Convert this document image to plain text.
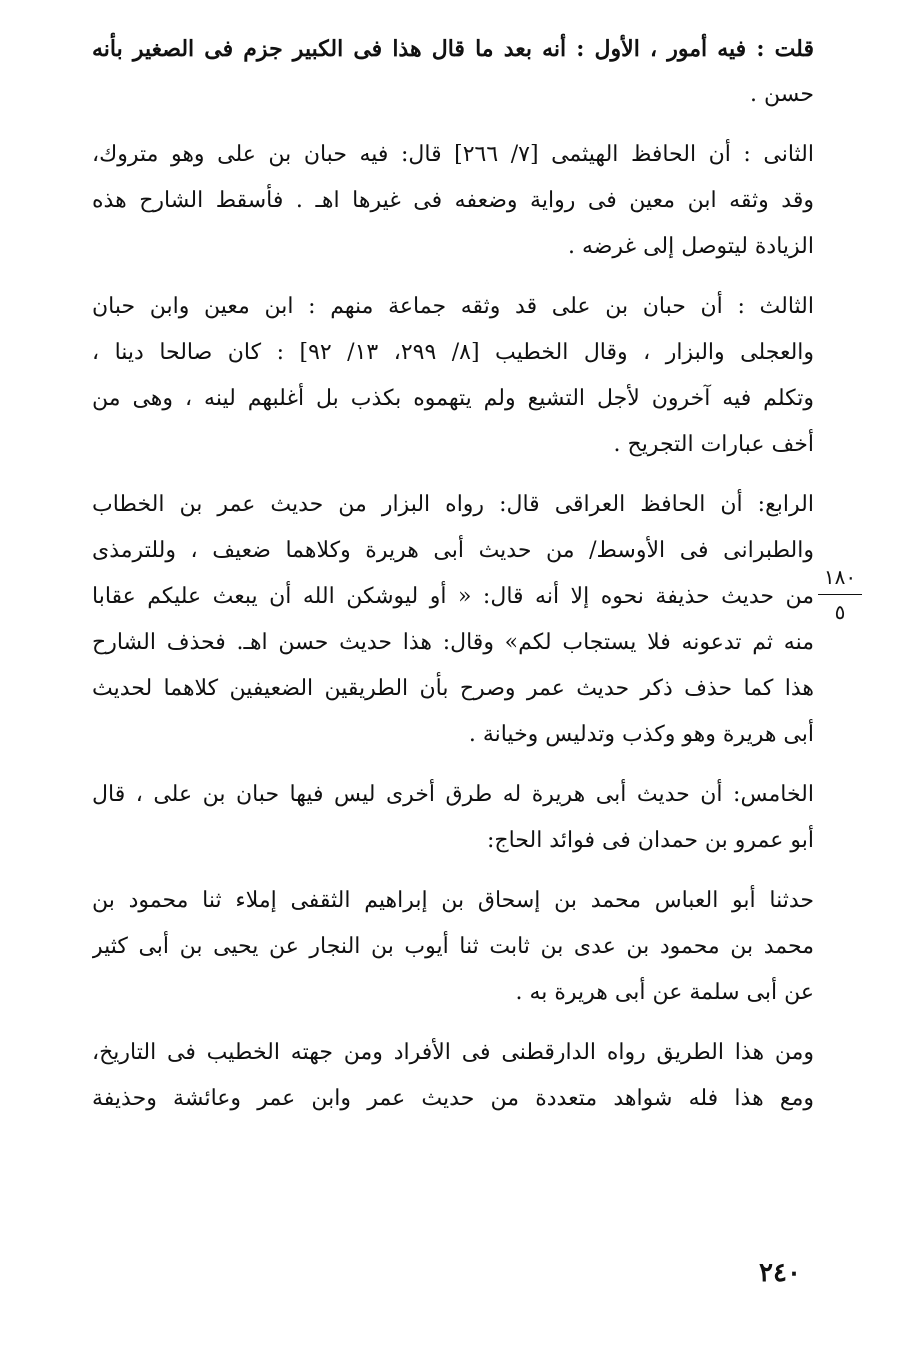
قلت : فيه أمور ، الأول : أنه بعد ما قال هذا فى الكبير جزم فى الصغير بأنه
حسن .
الثانى : أن الحافظ الهيثمى [٧/ ٢٦٦] قال: فيه حبان بن على وهو متروك،
وقد وثقه ابن معين فى رواية وضعفه فى غيرها اهـ . فأسقط الشارح هذه
الزيادة ليتوصل إلى غرضه .
الثالث : أن حبان بن على قد وثقه جماعة منهم : ابن معين وابن حبان
والعجلى والبزار ، وقال الخطيب [٨/ ٢٩٩، ١٣/ ٩٢] : كان صالحا دينا ،
وتكلم فيه آخرون لأجل التشيع ولم يتهموه بكذب بل أغلبهم لينه ، وهى من
أخف عبارات التجريح .
الرابع: أن الحافظ العراقى قال: رواه البزار من حديث عمر بن الخطاب
والطبرانى فى الأوسط/ من حديث أبى هريرة وكلاهما ضعيف ، وللترمذى
من حديث حذيفة نحوه إلا أنه قال: « أو ليوشكن الله أن يبعث عليكم عقابا
منه ثم تدعونه فلا يستجاب لكم» وقال: هذا حديث حسن اهـ. فحذف الشارح
هذا كما حذف ذكر حديث عمر وصرح بأن الطريقين الضعيفين كلاهما لحديث
أبى هريرة وهو وكذب وتدليس وخيانة .
الخامس: أن حديث أبى هريرة له طرق أخرى ليس فيها حبان بن على ، قال
أبو عمرو بن حمدان فى فوائد الحاج:
حدثنا أبو العباس محمد بن إسحاق بن إبراهيم الثقفى إملاء ثنا محمود بن
محمد بن محمود بن عدى بن ثابت ثنا أيوب بن النجار عن يحيى بن أبى كثير
عن أبى سلمة عن أبى هريرة به .
ومن هذا الطريق رواه الدارقطنى فى الأفراد ومن جهته الخطيب فى التاريخ،
ومع هذا فله شواهد متعددة من حديث عمر وابن عمر وعائشة وحذيفة
١٨٠
٥
٢٤٠
